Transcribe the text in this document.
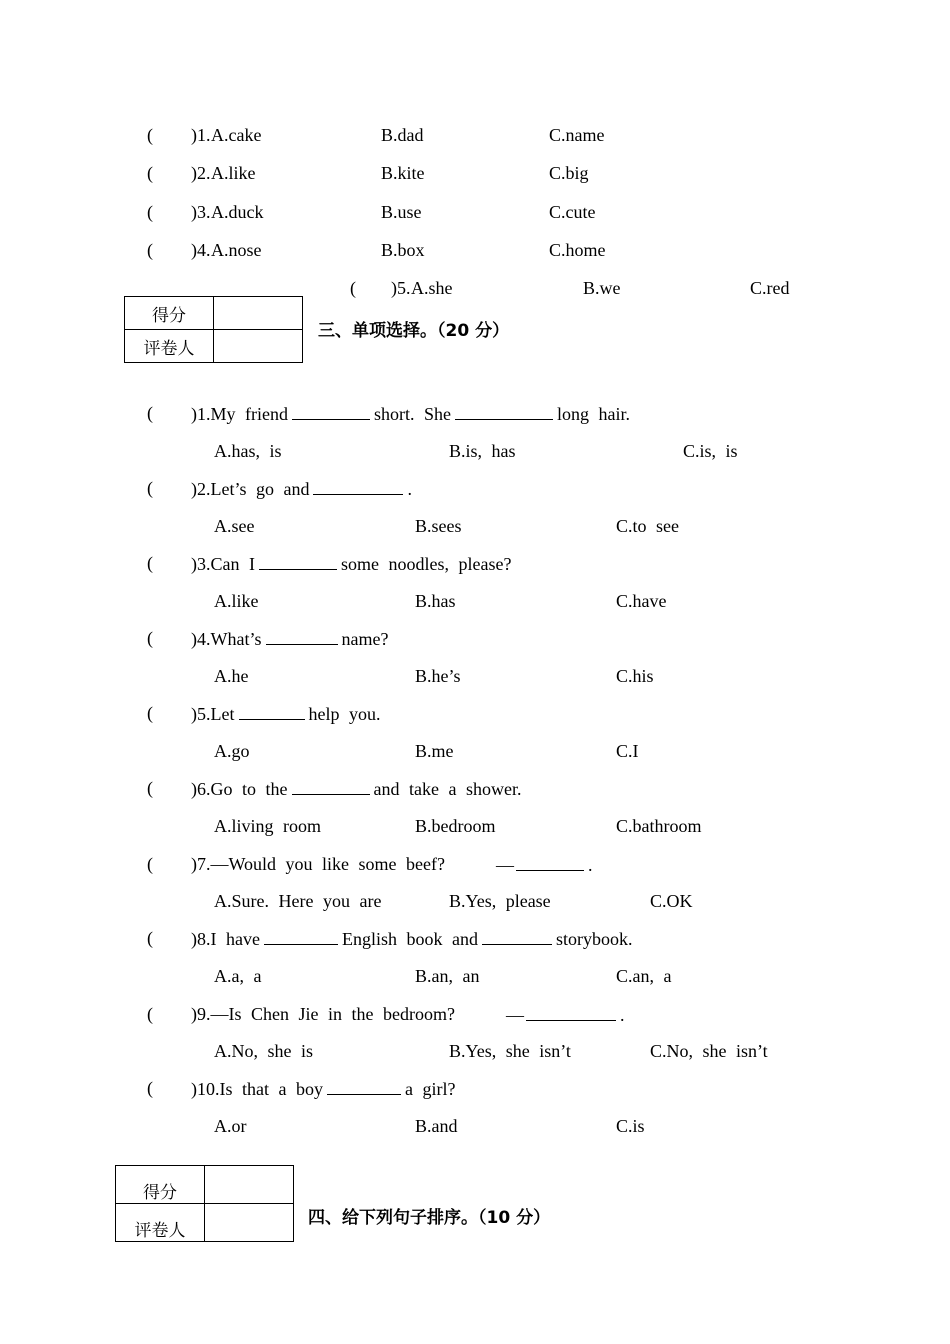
( )1. A.cake	B.dad	C.name
( )2. A.like	B.kite	C.big
( )3. A.duck	B.use	C.cute
( )4. A.nose	B.box	C.home
( )5. A.she	B.we	C.red
得分	
评卷人	
三、单项选择。（20 分）
( )1.My friend	short. She	long hair.
A.has, is	B.is, has	C.is, is
( )2.Let’s go and	.
A.see	B.sees	C.to see
( )3.Can I	some noodles, please?
A.like	B.has	C.have
( )4.What’s	name?
A.he	B.he’s	C.his
( )5.Let	help you.
A.go	B.me	C.I
( )6.Go to the	and take a shower.
A.living room	B.bedroom	C.bathroom
( )7.—Would you like some beef?	—	.
A.Sure. Here you are	B.Yes, please	C.OK
( )8.I have	English book and	storybook.
A.a, a	B.an, an	C.an, a
( )9.—Is Chen Jie in the bedroom?	—	.
A.No, she is	B.Yes, she isn’t	C.No, she isn’t
( )10.Is that a boy	a girl?
A.or	B.and	C.is
得分	
评卷人	
四、给下列句子排序。（10 分）
